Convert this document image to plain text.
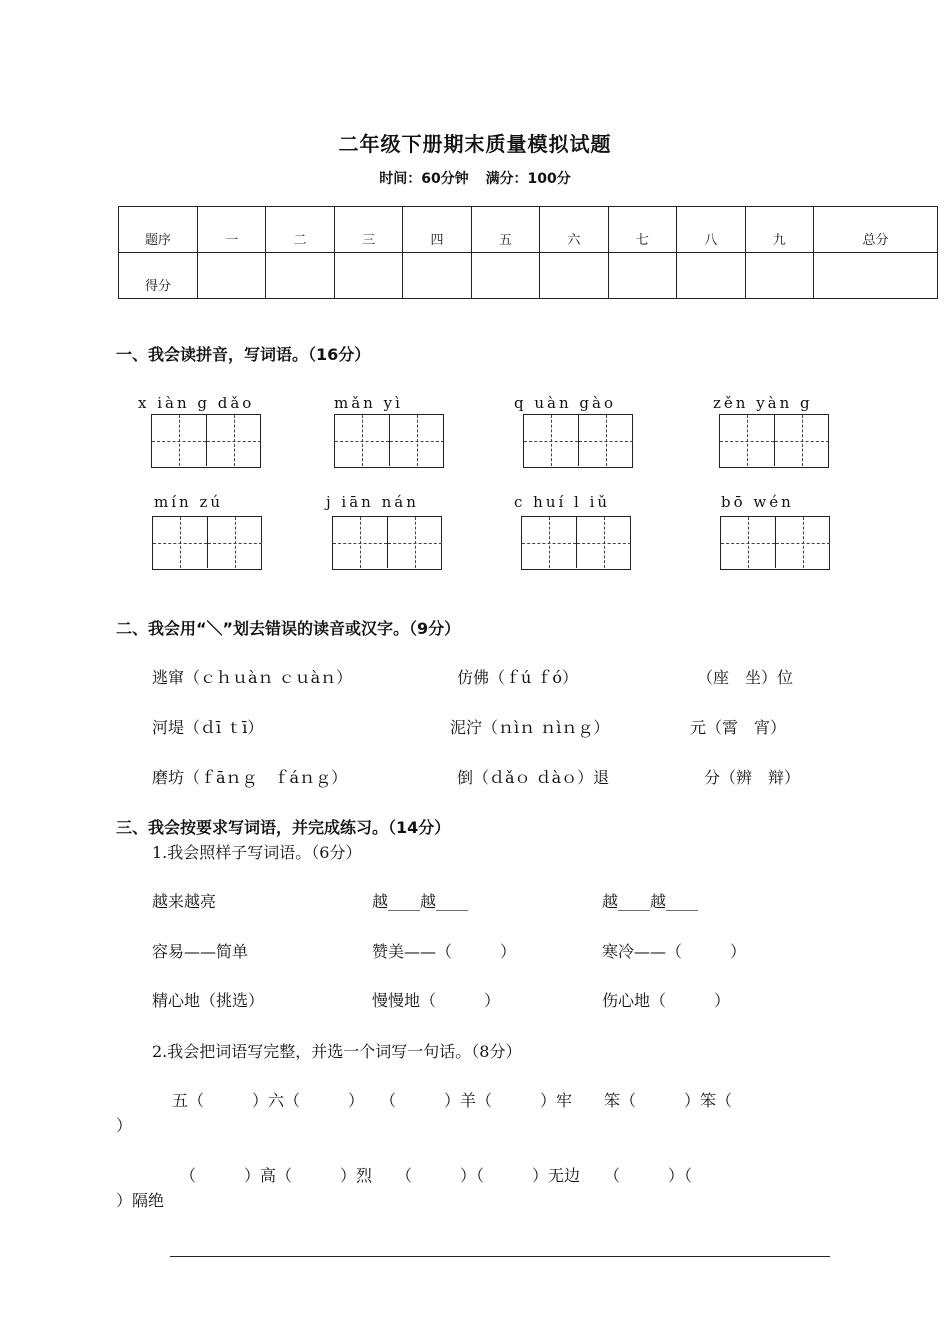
二年级下册期末质量模拟试题
时间：60分钟 满分：100分
题序	一	二	三	四	五	六	七	八	九	总分
得分										
一、我会读拼音，写词语。（16分）
x iàn g dǎo	mǎn yì	q uàn gào	zěn yàn g
mín zú	j iān nán	c huí l iǔ	bō wén
二、我会用“＼”划去错误的读音或汉字。（9分）
逃窜（ｃｈｕàｎ ｃｕàｎ）	仿佛（ｆú ｆó）	（座　坐）位
河堤（ｄī ｔī）	泥泞（ｎìｎ ｎìｎｇ）	元（霄　宵）
磨坊（ｆāｎｇ　ｆáｎｇ）	倒（ｄǎｏ ｄàｏ）退	分（辨　辩）
三、我会按要求写词语，并完成练习。（14分）
1.我会照样子写词语。（6分）
越来越亮	越____越____	越____越____
容易——简单	赞美——（　　　）	寒冷——（　　　）
精心地（挑选）	慢慢地（　　　）	伤心地（　　　）
2.我会把词语写完整，并选一个词写一句话。（8分）
五（　　　）六（　　　）　　（　　　）羊（　　　）牢　　笨（　　　）笨（
）
（　　　）高（　　　）烈　　（　　　）（　　　）无边　　（　　　）（
）隔绝
